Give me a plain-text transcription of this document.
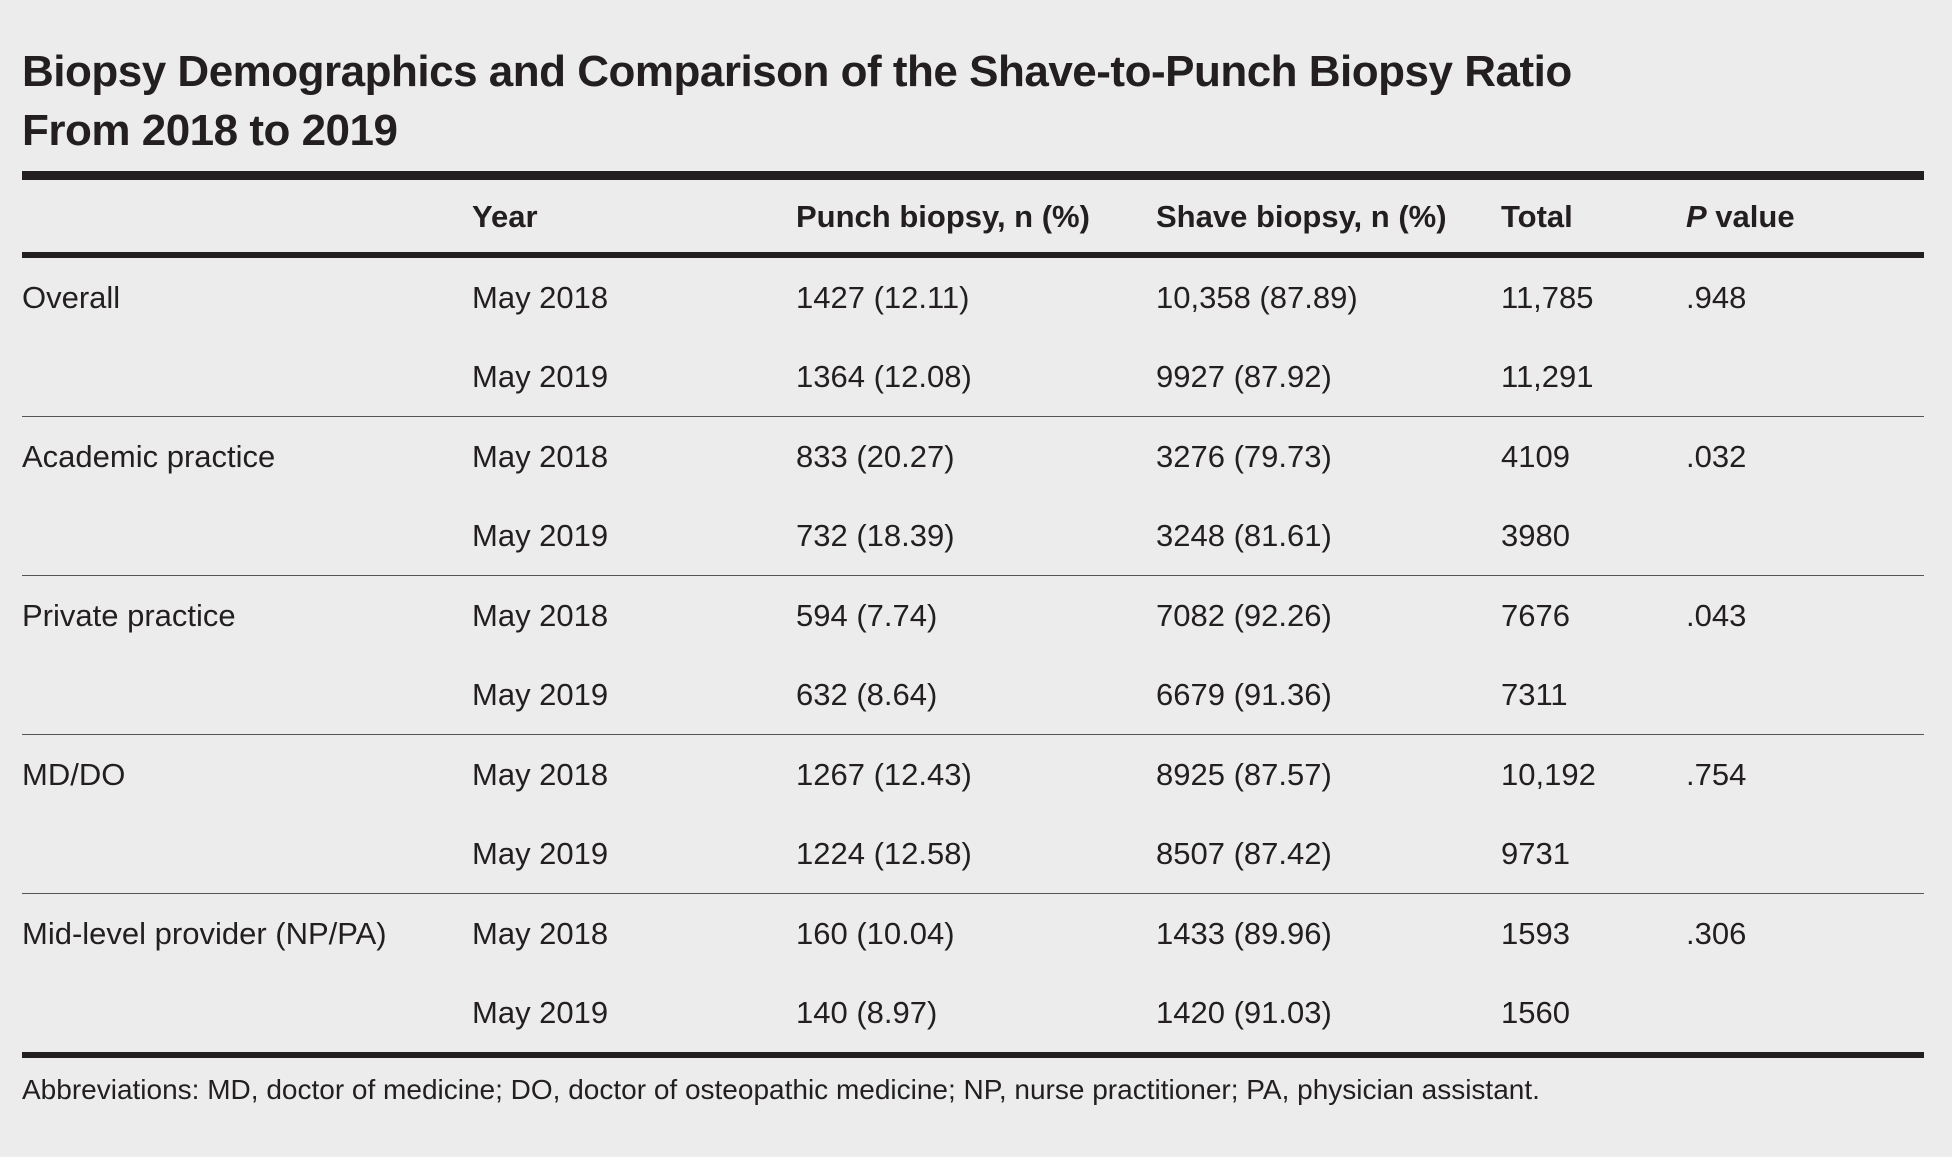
Biopsy Demographics and Comparison of the Shave-to-Punch Biopsy Ratio
From 2018 to 2019
	Year	Punch biopsy, n (%)	Shave biopsy, n (%)	Total	P value
Overall	May 2018	1427 (12.11)	10,358 (87.89)	11,785	.948
	May 2019	1364 (12.08)	9927 (87.92)	11,291	
Academic practice	May 2018	833 (20.27)	3276 (79.73)	4109	.032
	May 2019	732 (18.39)	3248 (81.61)	3980	
Private practice	May 2018	594 (7.74)	7082 (92.26)	7676	.043
	May 2019	632 (8.64)	6679 (91.36)	7311	
MD/DO	May 2018	1267 (12.43)	8925 (87.57)	10,192	.754
	May 2019	1224 (12.58)	8507 (87.42)	9731	
Mid-level provider (NP/PA)	May 2018	160 (10.04)	1433 (89.96)	1593	.306
	May 2019	140 (8.97)	1420 (91.03)	1560	
Abbreviations: MD, doctor of medicine; DO, doctor of osteopathic medicine; NP, nurse practitioner; PA, physician assistant.
